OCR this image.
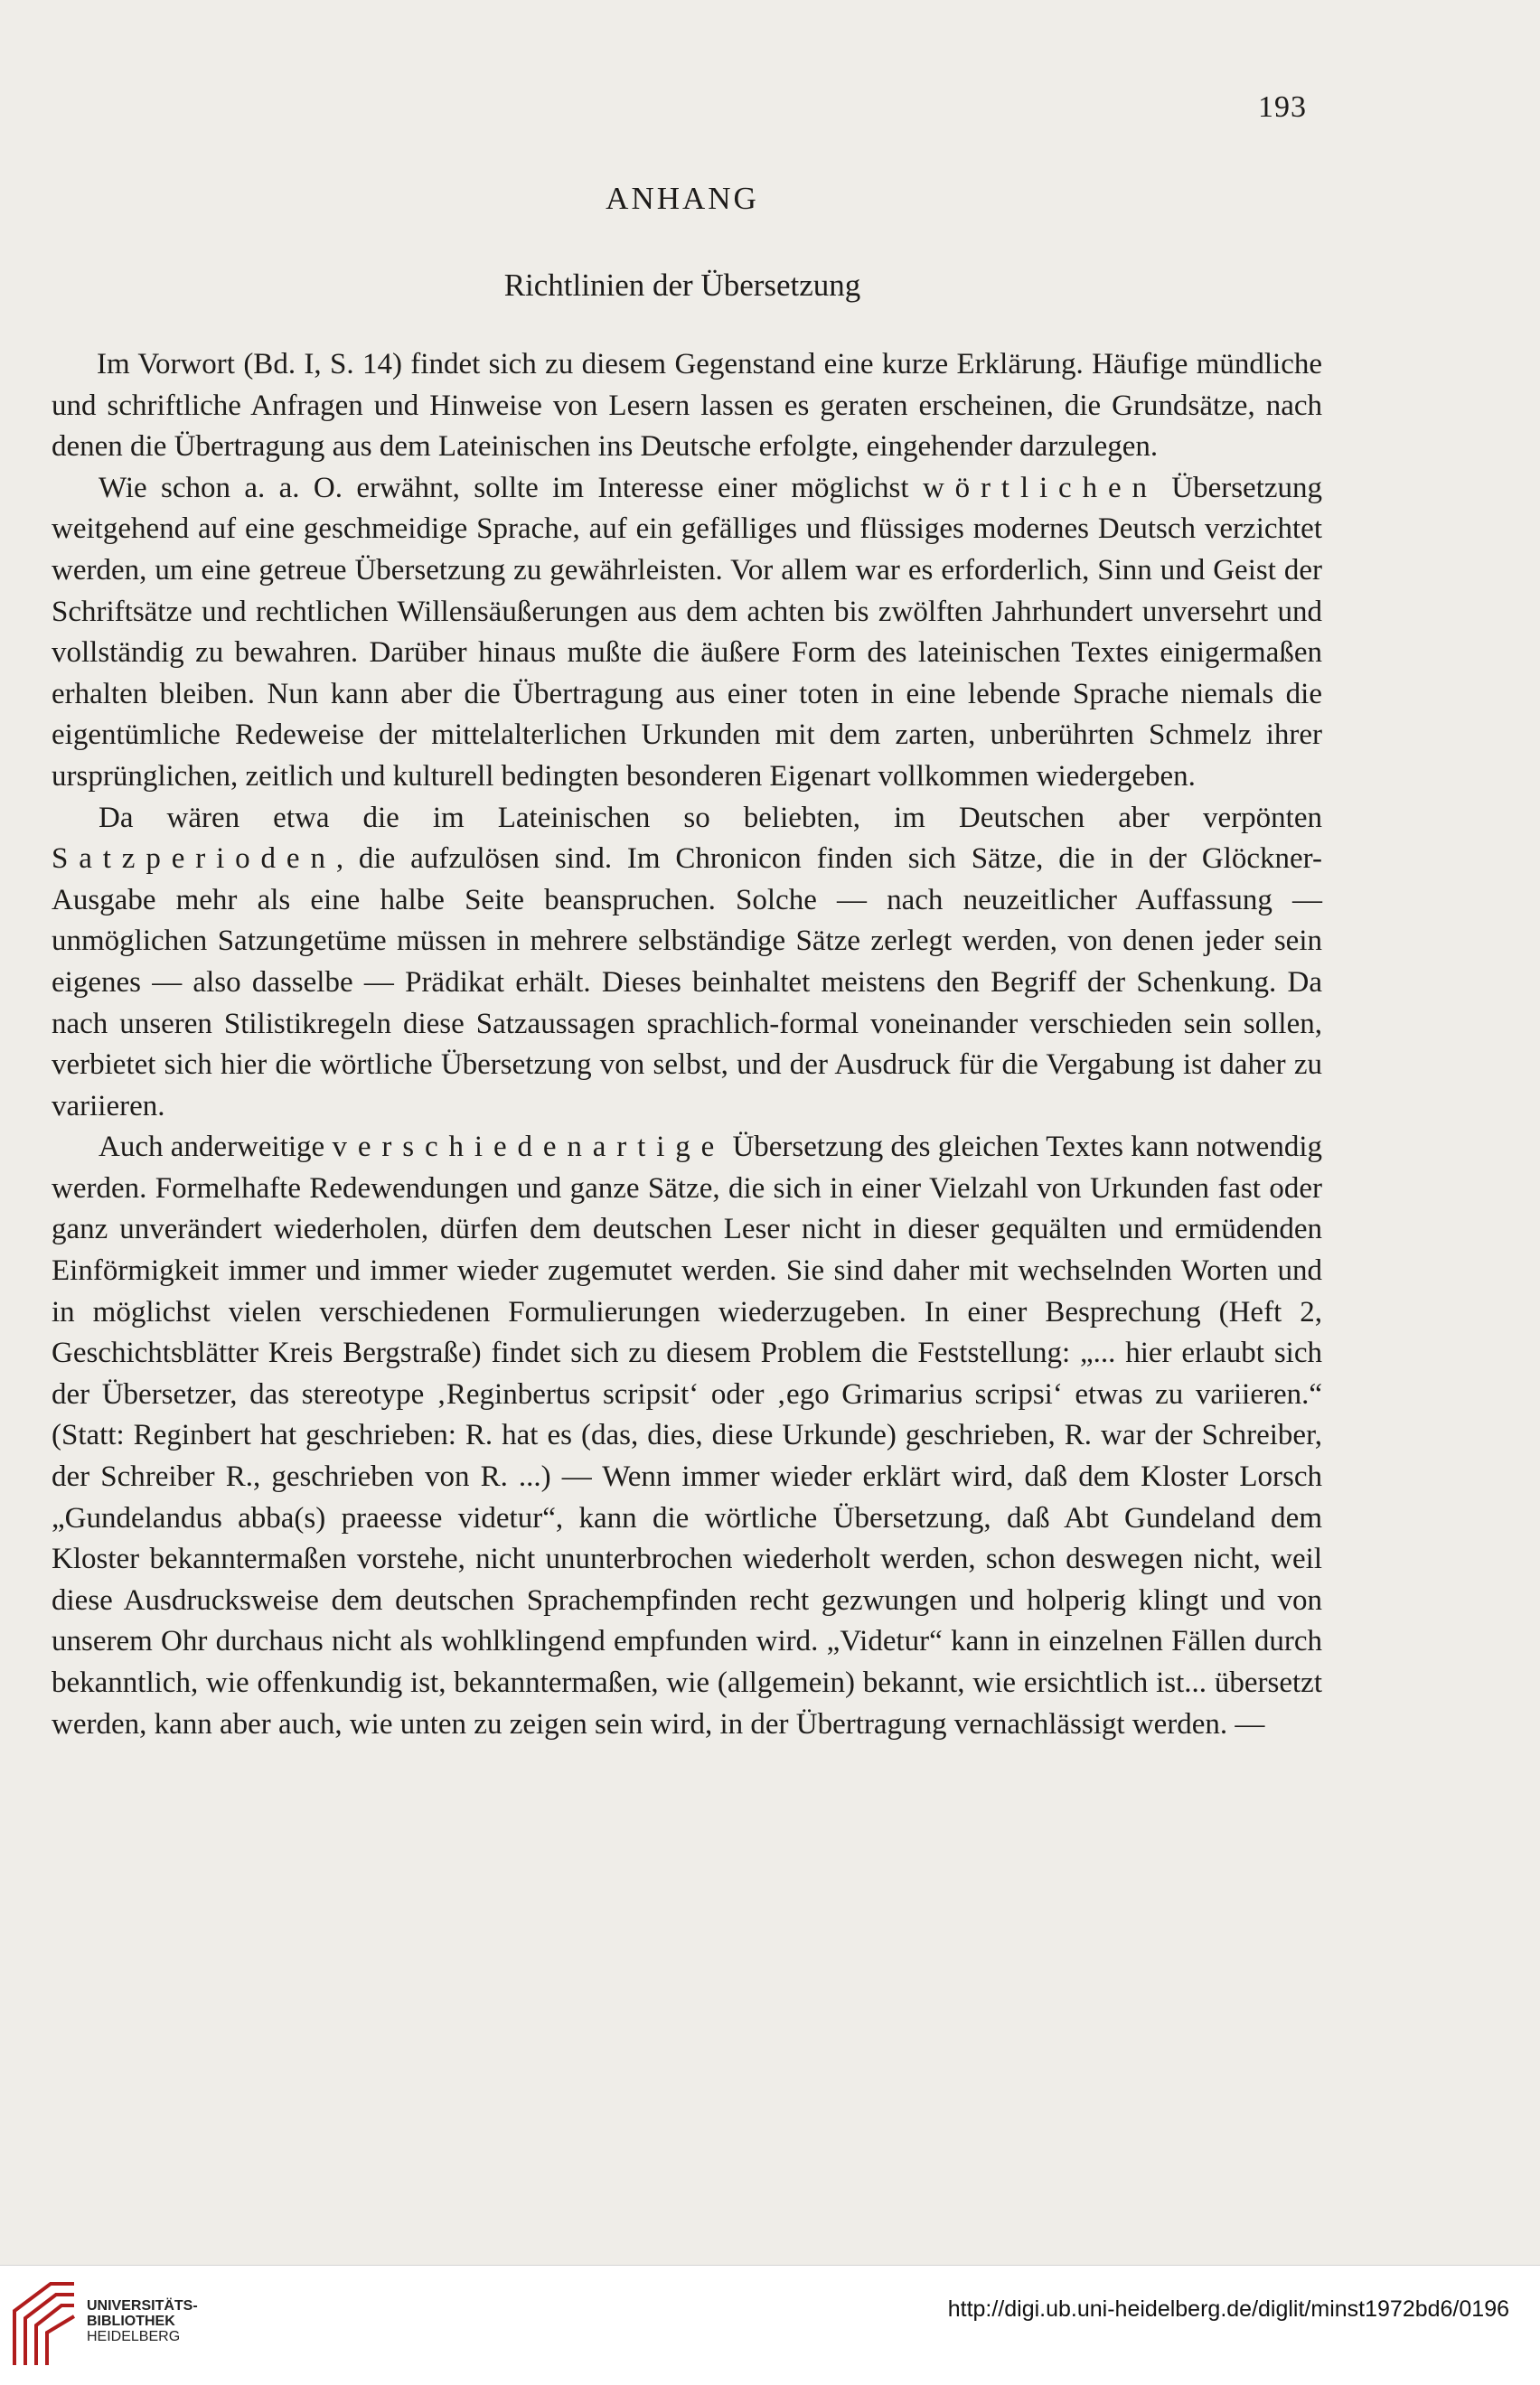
193
ANHANG
Richtlinien der Übersetzung

Im Vorwort (Bd. I, S. 14) findet sich zu diesem Gegenstand eine kurze Erklärung. Häufige mündliche und schriftliche Anfragen und Hinweise von Lesern lassen es geraten erscheinen, die Grundsätze, nach denen die Übertragung aus dem Lateinischen ins Deutsche erfolgte, eingehender darzulegen.

Wie schon a. a. O. erwähnt, sollte im Interesse einer möglichst wörtlichen Übersetzung weitgehend auf eine geschmeidige Sprache, auf ein gefälliges und flüssiges modernes Deutsch verzichtet werden, um eine getreue Übersetzung zu gewährleisten. Vor allem war es erforderlich, Sinn und Geist der Schriftsätze und rechtlichen Willensäußerungen aus dem achten bis zwölften Jahrhundert unversehrt und vollständig zu bewahren. Darüber hinaus mußte die äußere Form des lateinischen Textes einigermaßen erhalten bleiben. Nun kann aber die Übertragung aus einer toten in eine lebende Sprache niemals die eigentümliche Redeweise der mittelalterlichen Urkunden mit dem zarten, unberührten Schmelz ihrer ursprünglichen, zeitlich und kulturell bedingten besonderen Eigenart vollkommen wiedergeben.

Da wären etwa die im Lateinischen so beliebten, im Deutschen aber verpönten Satzperioden, die aufzulösen sind. Im Chronicon finden sich Sätze, die in der Glöckner-Ausgabe mehr als eine halbe Seite beanspruchen. Solche — nach neuzeitlicher Auffassung — unmöglichen Satzungetüme müssen in mehrere selbständige Sätze zerlegt werden, von denen jeder sein eigenes — also dasselbe — Prädikat erhält. Dieses beinhaltet meistens den Begriff der Schenkung. Da nach unseren Stilistikregeln diese Satzaussagen sprachlich-formal voneinander verschieden sein sollen, verbietet sich hier die wörtliche Übersetzung von selbst, und der Ausdruck für die Vergabung ist daher zu variieren.

Auch anderweitige verschiedenartige Übersetzung des gleichen Textes kann notwendig werden. Formelhafte Redewendungen und ganze Sätze, die sich in einer Vielzahl von Urkunden fast oder ganz unverändert wiederholen, dürfen dem deutschen Leser nicht in dieser gequälten und ermüdenden Einförmigkeit immer und immer wieder zugemutet werden. Sie sind daher mit wechselnden Worten und in möglichst vielen verschiedenen Formulierungen wiederzugeben. In einer Besprechung (Heft 2, Geschichtsblätter Kreis Bergstraße) findet sich zu diesem Problem die Feststellung: „... hier erlaubt sich der Übersetzer, das stereotype ‚Reginbertus scripsit‘ oder ‚ego Grimarius scripsi‘ etwas zu variieren.“ (Statt: Reginbert hat geschrieben: R. hat es (das, dies, diese Urkunde) geschrieben, R. war der Schreiber, der Schreiber R., geschrieben von R. ...) — Wenn immer wieder erklärt wird, daß dem Kloster Lorsch „Gundelandus abba(s) praeesse videtur“, kann die wörtliche Übersetzung, daß Abt Gundeland dem Kloster bekanntermaßen vorstehe, nicht ununterbrochen wiederholt werden, schon deswegen nicht, weil diese Ausdrucksweise dem deutschen Sprachempfinden recht gezwungen und holperig klingt und von unserem Ohr durchaus nicht als wohlklingend empfunden wird. „Videtur“ kann in einzelnen Fällen durch bekanntlich, wie offenkundig ist, bekanntermaßen, wie (allgemein) bekannt, wie ersichtlich ist... übersetzt werden, kann aber auch, wie unten zu zeigen sein wird, in der Übertragung vernachlässigt werden. —

UNIVERSITÄTS-
BIBLIOTHEK
HEIDELBERG
http://digi.ub.uni-heidelberg.de/diglit/minst1972bd6/0196
